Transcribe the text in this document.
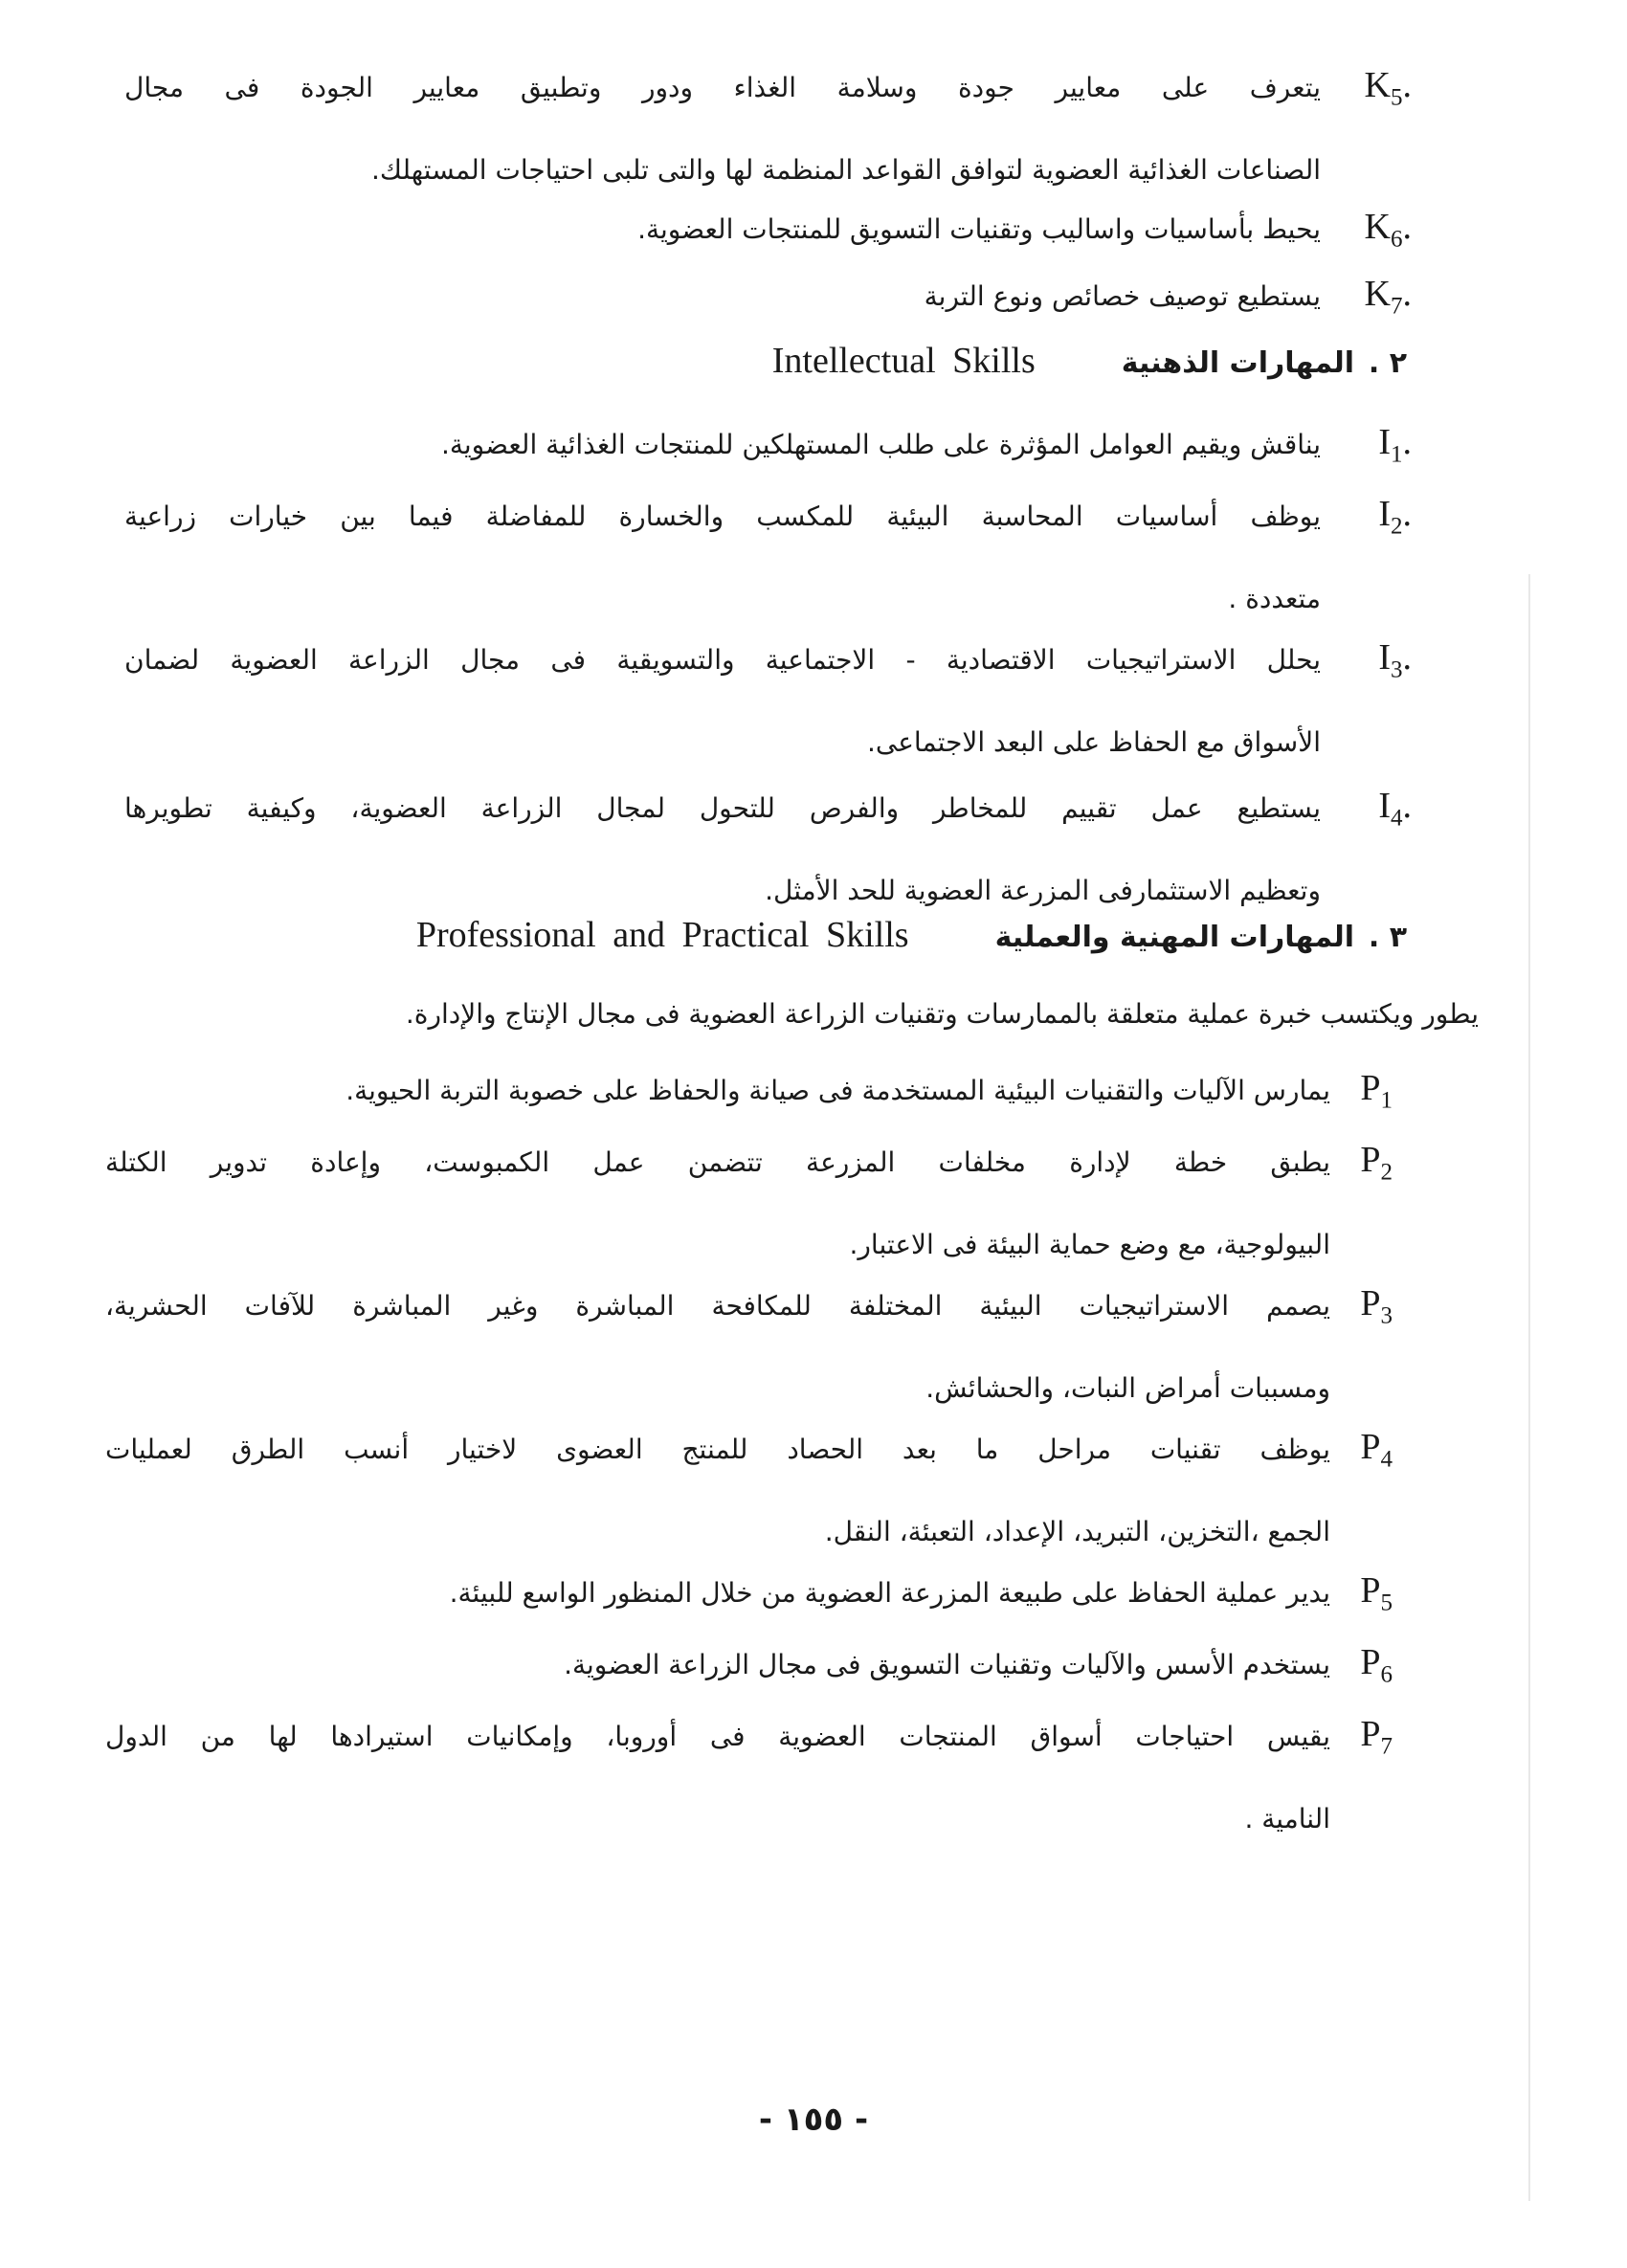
$K_5$.
يتعرف على معايير جودة وسلامة الغذاء ودور وتطبيق معايير الجودة فى مجال
الصناعات الغذائية العضوية لتوافق القواعد المنظمة لها والتى تلبى احتياجات المستهلك.
$K_6$.
يحيط بأساسيات واساليب وتقنيات التسويق للمنتجات العضوية.
$K_7$.
يستطيع توصيف خصائص ونوع التربة
٢ .
المهارات الذهنية
Intellectual Skills
$I_1$.
يناقش ويقيم العوامل المؤثرة على طلب المستهلكين للمنتجات الغذائية العضوية.
$I_2$.
يوظف أساسيات المحاسبة البيئية للمكسب والخسارة للمفاضلة فيما بين خيارات زراعية
متعددة .
$I_3$.
يحلل الاستراتيجيات الاقتصادية - الاجتماعية والتسويقية فى مجال الزراعة العضوية لضمان
الأسواق مع الحفاظ على البعد الاجتماعى.
$I_4$.
يستطيع عمل تقييم للمخاطر والفرص للتحول لمجال الزراعة العضوية، وكيفية تطويرها
وتعظيم الاستثمارفى المزرعة العضوية للحد الأمثل.
٣ .
المهارات المهنية والعملية
Professional and Practical Skills
يطور ويكتسب خبرة عملية متعلقة بالممارسات وتقنيات الزراعة العضوية فى مجال الإنتاج والإدارة.
$P_1$
يمارس الآليات والتقنيات البيئية المستخدمة فى صيانة والحفاظ على خصوبة التربة الحيوية.
$P_2$
يطبق خطة لإدارة مخلفات المزرعة تتضمن عمل الكمبوست، وإعادة تدوير الكتلة
البيولوجية، مع وضع حماية البيئة فى الاعتبار.
$P_3$
يصمم الاستراتيجيات البيئية المختلفة للمكافحة المباشرة وغير المباشرة للآفات الحشرية،
ومسببات أمراض النبات، والحشائش.
$P_4$
يوظف تقنيات مراحل ما بعد الحصاد للمنتج العضوى لاختيار أنسب الطرق لعمليات
الجمع ،التخزين، التبريد، الإعداد، التعبئة، النقل.
$P_5$
يدير عملية الحفاظ على طبيعة المزرعة العضوية من خلال المنظور الواسع للبيئة.
$P_6$
يستخدم الأسس والآليات وتقنيات التسويق فى مجال الزراعة العضوية.
$P_7$
يقيس احتياجات أسواق المنتجات العضوية فى أوروبا، وإمكانيات استيرادها لها من الدول
النامية .
- ١٥٥ -
